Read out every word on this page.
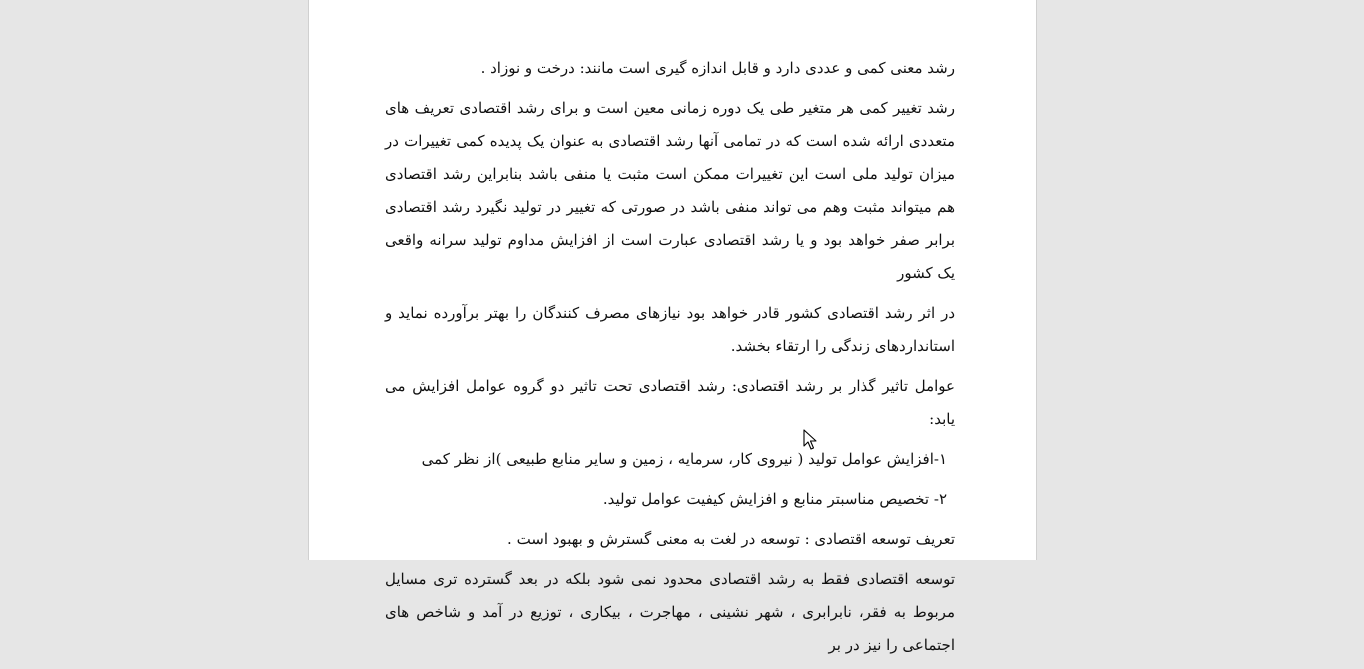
رشد معنی کمی و عددی دارد و قابل اندازه گیری است مانند: درخت و نوزاد .

رشد تغییر کمی هر متغیر طی یک دوره زمانی معین است و برای رشد اقتصادی تعریف های متعددی ارائه شده است که در تمامی آنها رشد اقتصادی به عنوان یک پدیده کمی تغییرات در میزان تولید ملی است این تغییرات ممکن است مثبت یا منفی باشد بنابراین رشد اقتصادی هم میتواند مثبت وهم می تواند منفی باشد در صورتی که تغییر در تولید نگیرد رشد اقتصادی برابر صفر خواهد بود و یا رشد اقتصادی عبارت است از افزایش مداوم تولید سرانه واقعی یک کشور

در اثر رشد اقتصادی کشور قادر خواهد بود نیازهای مصرف کنندگان را بهتر برآورده نماید و استانداردهای زندگی را ارتقاء بخشد.

عوامل تاثیر گذار بر رشد اقتصادی: رشد اقتصادی تحت تاثیر دو گروه عوامل افزایش می یابد:

۱-افزایش عوامل تولید ( نیروی کار، سرمایه ، زمین و سایر منابع طبیعی )از نظر کمی

۲- تخصیص مناسبتر منابع و افزایش کیفیت عوامل تولید.

تعریف توسعه اقتصادی : توسعه در لغت به معنی گسترش و بهبود است .

توسعه اقتصادی فقط به رشد اقتصادی محدود نمی شود بلکه در بعد گسترده تری مسایل مربوط به فقر، نابرابری ، شهر نشینی ، مهاجرت ، بیکاری ، توزیع در آمد و شاخص های اجتماعی را نیز در بر
